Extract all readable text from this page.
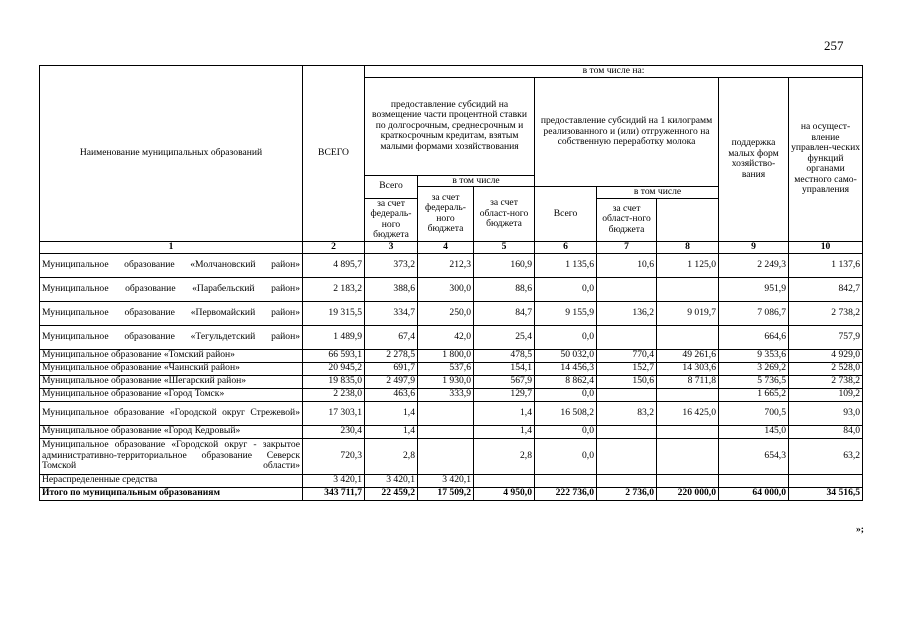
257
Наименование муниципальных образований	ВСЕГО	в том числе на:							
		предоставление субсидий на возмещение части процентной ставки по долгосрочным, среднесрочным и краткосрочным кредитам, взятым малыми формами хозяйствования			предоставление субсидий на 1 килограмм реализованного и (или) отгруженного на собственную переработку молока			поддержка малых форм хозяйство-вания	на осущест-вление управлен-ческих функций органами местного само-управления
		Всего	в том числе						
			за счет федераль-ного бюджета	за счет област-ного бюджета	Всего	в том числе			
		за счет федераль-ного бюджета				за счет област-ного бюджета			
1	2	3	4	5	6	7	8	9	10
Муниципальное образование «Молчановский район»	4 895,7	373,2	212,3	160,9	1 135,6	10,6	1 125,0	2 249,3	1 137,6
Муниципальное образование «Парабельский район»	2 183,2	388,6	300,0	88,6	0,0			951,9	842,7
Муниципальное образование «Первомайский район»	19 315,5	334,7	250,0	84,7	9 155,9	136,2	9 019,7	7 086,7	2 738,2
Муниципальное образование «Тегульдетский район»	1 489,9	67,4	42,0	25,4	0,0			664,6	757,9
Муниципальное образование «Томский район»	66 593,1	2 278,5	1 800,0	478,5	50 032,0	770,4	49 261,6	9 353,6	4 929,0
Муниципальное образование «Чаинский район»	20 945,2	691,7	537,6	154,1	14 456,3	152,7	14 303,6	3 269,2	2 528,0
Муниципальное образование «Шегарский район»	19 835,0	2 497,9	1 930,0	567,9	8 862,4	150,6	8 711,8	5 736,5	2 738,2
Муниципальное образование «Город Томск»	2 238,0	463,6	333,9	129,7	0,0			1 665,2	109,2
Муниципальное образование «Городской округ Стрежевой»	17 303,1	1,4		1,4	16 508,2	83,2	16 425,0	700,5	93,0
Муниципальное образование «Город Кедровый»	230,4	1,4		1,4	0,0			145,0	84,0
Муниципальное образование «Городской округ - закрытое административно-территориальное образование Северск Томской области»	720,3	2,8		2,8	0,0			654,3	63,2
Нераспределенные средства	3 420,1	3 420,1	3 420,1						
Итого по муниципальным образованиям	343 711,7	22 459,2	17 509,2	4 950,0	222 736,0	2 736,0	220 000,0	64 000,0	34 516,5
»;
